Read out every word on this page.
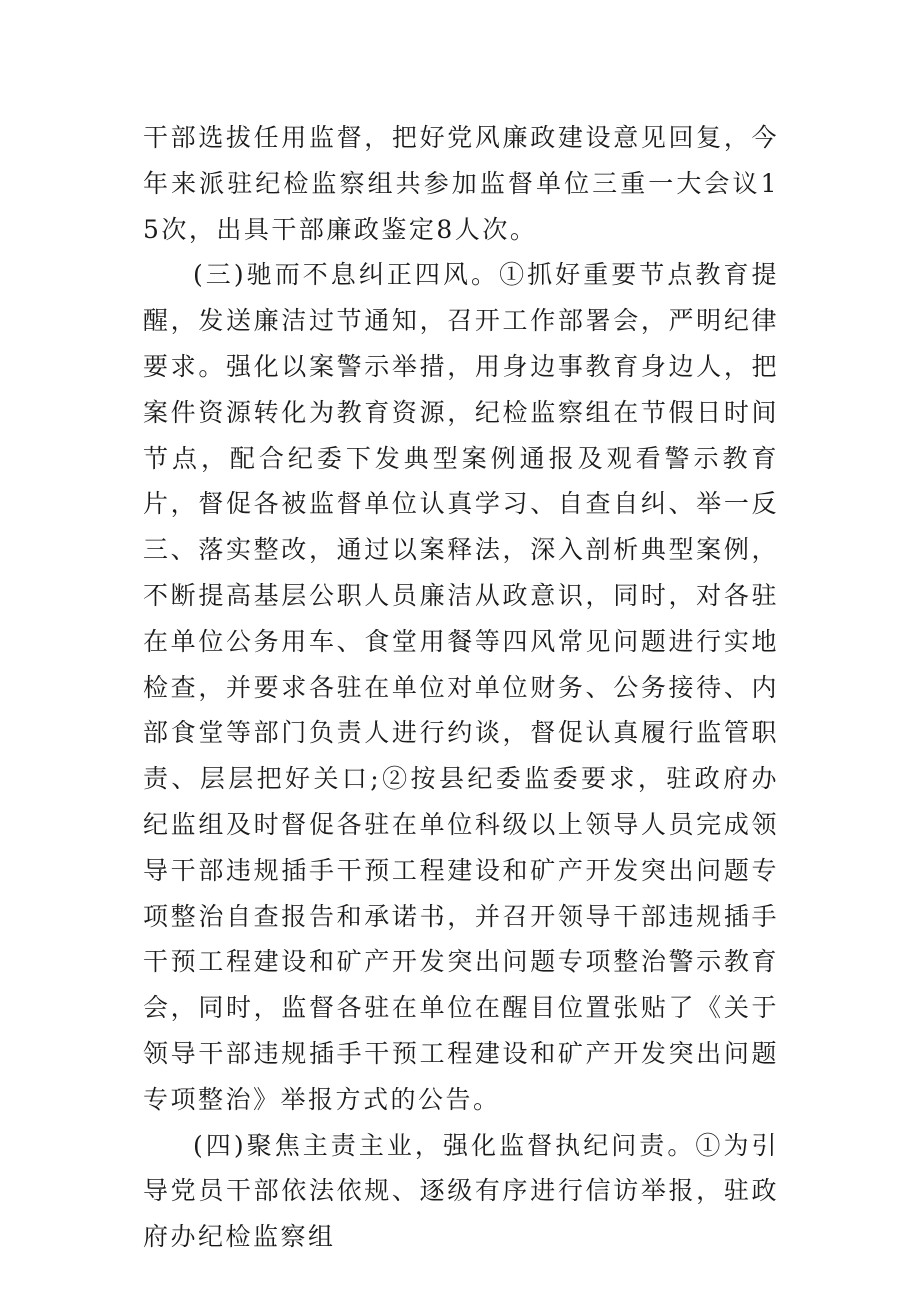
干部选拔任用监督，把好党风廉政建设意见回复，今年来派驻纪检监察组共参加监督单位三重一大会议15次，出具干部廉政鉴定8人次。

(三)驰而不息纠正四风。①抓好重要节点教育提醒，发送廉洁过节通知，召开工作部署会，严明纪律要求。强化以案警示举措，用身边事教育身边人，把案件资源转化为教育资源，纪检监察组在节假日时间节点，配合纪委下发典型案例通报及观看警示教育片，督促各被监督单位认真学习、自查自纠、举一反三、落实整改，通过以案释法，深入剖析典型案例，不断提高基层公职人员廉洁从政意识，同时，对各驻在单位公务用车、食堂用餐等四风常见问题进行实地检查，并要求各驻在单位对单位财务、公务接待、内部食堂等部门负责人进行约谈，督促认真履行监管职责、层层把好关口;②按县纪委监委要求，驻政府办纪监组及时督促各驻在单位科级以上领导人员完成领导干部违规插手干预工程建设和矿产开发突出问题专项整治自查报告和承诺书，并召开领导干部违规插手干预工程建设和矿产开发突出问题专项整治警示教育会，同时，监督各驻在单位在醒目位置张贴了《关于领导干部违规插手干预工程建设和矿产开发突出问题专项整治》举报方式的公告。

(四)聚焦主责主业，强化监督执纪问责。①为引导党员干部依法依规、逐级有序进行信访举报，驻政府办纪检监察组
